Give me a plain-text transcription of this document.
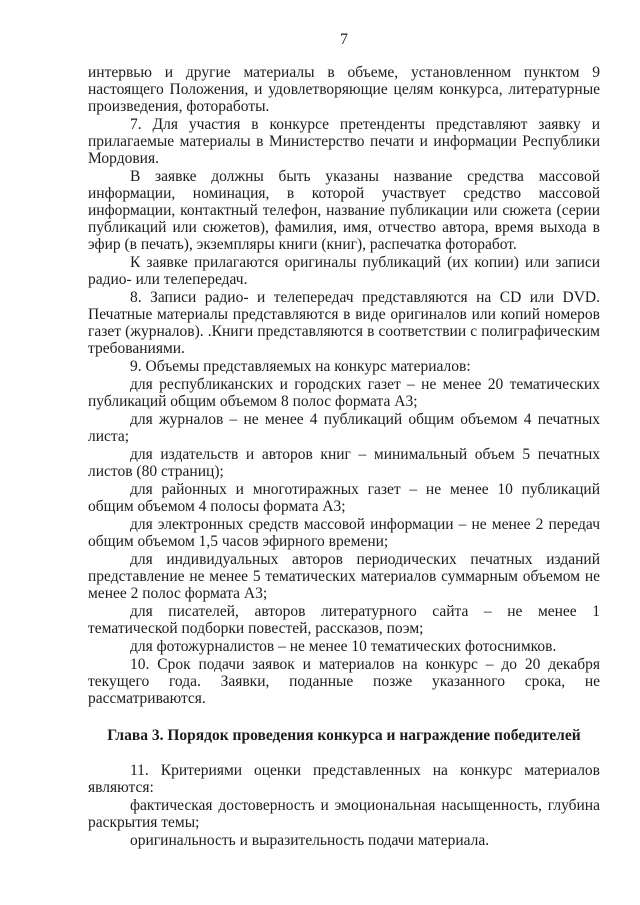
7

интервью и другие материалы в объеме, установленном пунктом 9 настоящего Положения, и удовлетворяющие целям конкурса, литературные произведения, фотоработы.

7. Для участия в конкурсе претенденты представляют заявку и прилагаемые материалы в Министерство печати и информации Республики Мордовия.

В заявке должны быть указаны название средства массовой информации, номинация, в которой участвует средство массовой информации, контактный телефон, название публикации или сюжета (серии публикаций или сюжетов), фамилия, имя, отчество автора, время выхода в эфир (в печать), экземпляры книги (книг), распечатка фоторабот.

К заявке прилагаются оригиналы публикаций (их копии) или записи радио- или телепередач.

8. Записи радио- и телепередач представляются на CD или DVD. Печатные материалы представляются в виде оригиналов или копий номеров газет (журналов). .Книги представляются в соответствии с полиграфическим требованиями.

9. Объемы представляемых на конкурс материалов:

для республиканских и городских газет – не менее 20 тематических публикаций общим объемом 8 полос формата А3;

для журналов – не менее 4 публикаций общим объемом 4 печатных листа;

для издательств и авторов книг – минимальный объем 5 печатных листов (80 страниц);

для районных и многотиражных газет – не менее 10 публикаций общим объемом 4 полосы формата А3;

для электронных средств массовой информации – не менее 2 передач общим объемом 1,5 часов эфирного времени;

для индивидуальных авторов периодических печатных изданий представление не менее 5 тематических материалов суммарным объемом не менее 2 полос формата А3;

для писателей, авторов литературного сайта – не менее 1 тематической подборки повестей, рассказов, поэм;

для фотожурналистов – не менее 10 тематических фотоснимков.

10. Срок подачи заявок и материалов на конкурс – до 20 декабря текущего года. Заявки, поданные позже указанного срока, не рассматриваются.

Глава 3. Порядок проведения конкурса и награждение победителей

11. Критериями оценки представленных на конкурс материалов являются:

фактическая достоверность и эмоциональная насыщенность, глубина раскрытия темы;

оригинальность и выразительность подачи материала.
